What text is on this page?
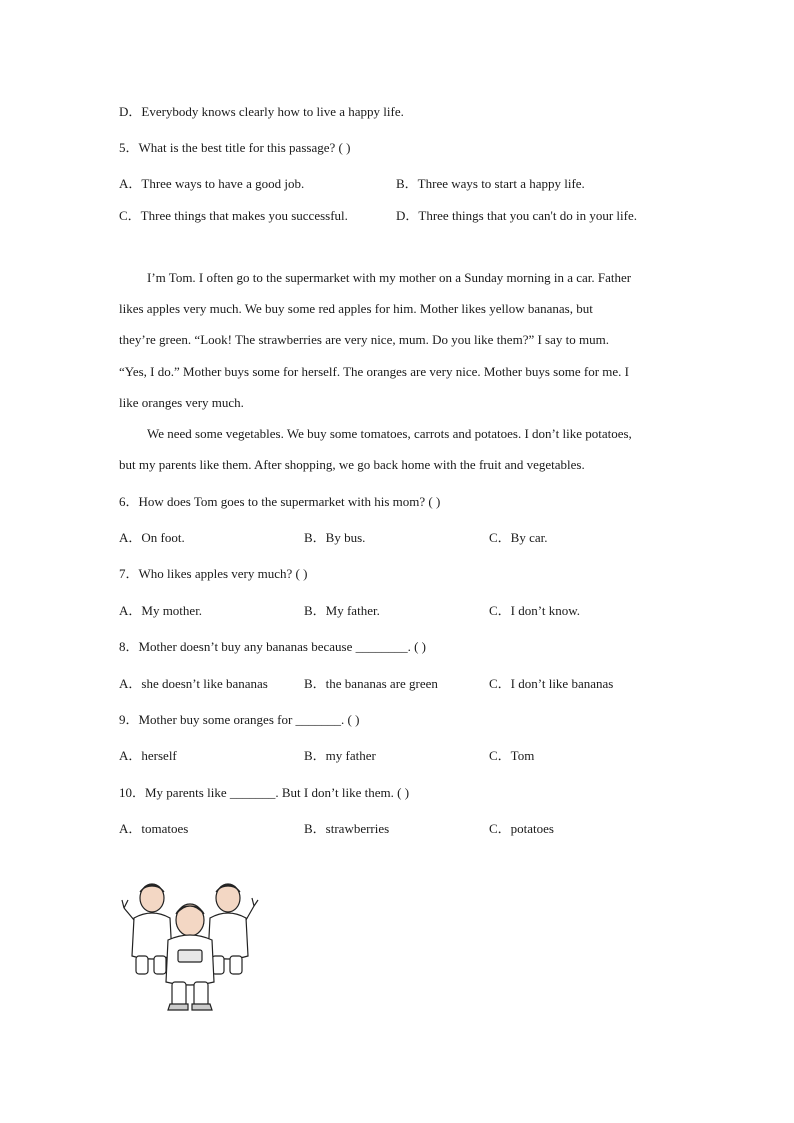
D．Everybody knows clearly how to live a happy life.
5．What is the best title for this passage? ( )
A．Three ways to have a good job.	B．Three ways to start a happy life.
C．Three things that makes you successful.	D．Three things that you can't do in your life.
I’m Tom. I often go to the supermarket with my mother on a Sunday morning in a car. Father
likes apples very much. We buy some red apples for him. Mother likes yellow bananas, but
they’re green. “Look! The strawberries are very nice, mum. Do you like them?” I say to mum.
“Yes, I do.” Mother buys some for herself. The oranges are very nice. Mother buys some for me. I
like oranges very much.
We need some vegetables. We buy some tomatoes, carrots and potatoes. I don’t like potatoes,
but my parents like them. After shopping, we go back home with the fruit and vegetables.
6．How does Tom goes to the supermarket with his mom? ( )
A．On foot.	B．By bus.	C．By car.
7．Who likes apples very much? ( )
A．My mother.	B．My father.	C．I don’t know.
8．Mother doesn’t buy any bananas because ________. ( )
A．she doesn’t like bananas	B．the bananas are green	C．I don’t like bananas
9．Mother buy some oranges for _______. ( )
A．herself	B．my father	C．Tom
10．My parents like _______. But I don’t like them. ( )
A．tomatoes	B．strawberries	C．potatoes
